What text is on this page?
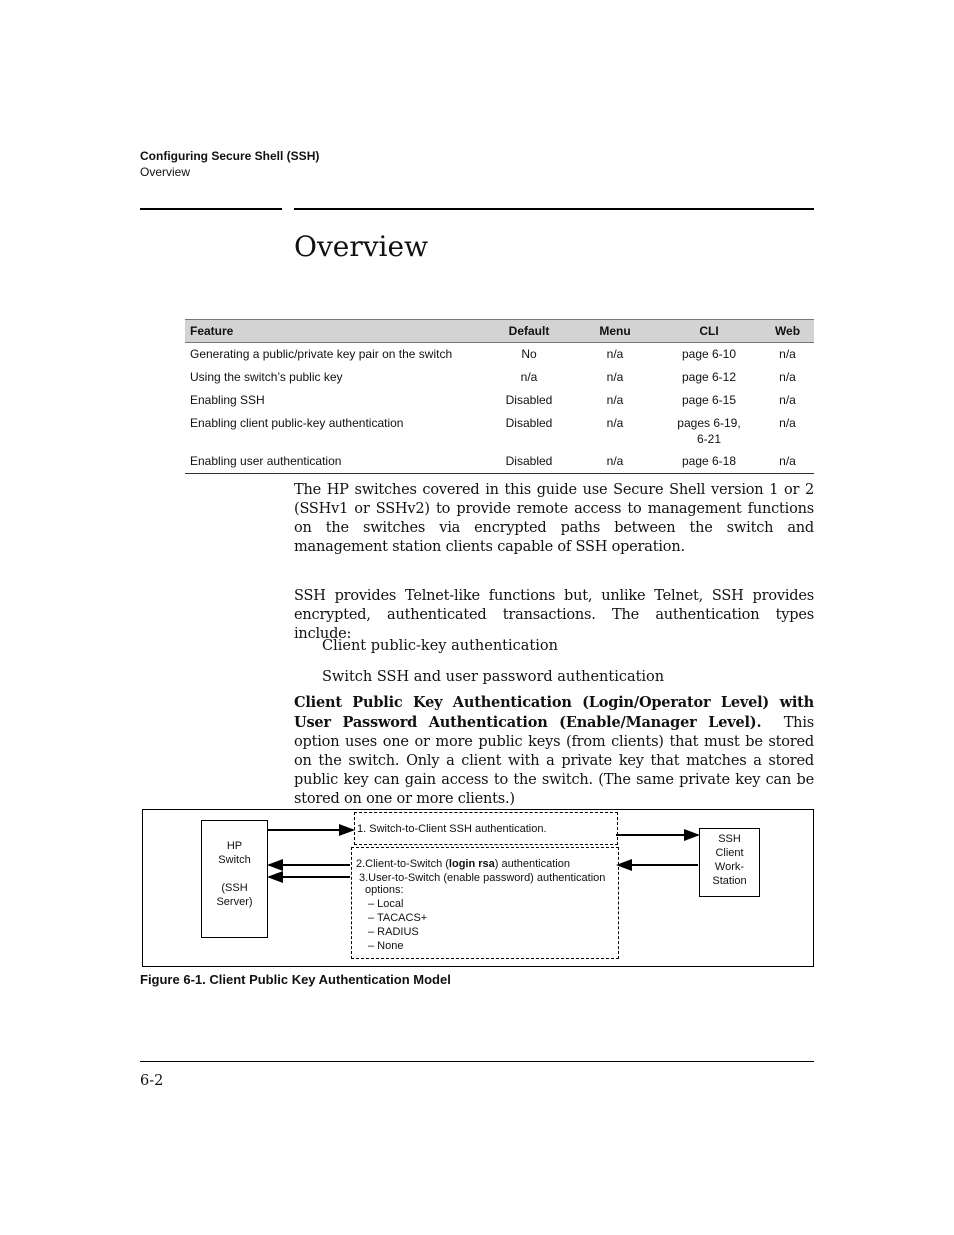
Configuring Secure Shell (SSH)
Overview
Overview
Feature	Default	Menu	CLI	Web
Generating a public/private key pair on the switch	No	n/a	page 6-10	n/a
Using the switch’s public key	n/a	n/a	page 6-12	n/a
Enabling SSH	Disabled	n/a	page 6-15	n/a
Enabling client public-key authentication	Disabled	n/a	pages 6-19, 6-21	n/a
Enabling user authentication	Disabled	n/a	page 6-18	n/a
The HP switches covered in this guide use Secure Shell version 1 or 2 (SSHv1 or SSHv2) to provide remote access to management functions on the switches via encrypted paths between the switch and management station clients capable of SSH operation.
SSH provides Telnet-like functions but, unlike Telnet, SSH provides encrypted, authenticated transactions. The authentication types include:
Client public-key authentication
Switch SSH and user password authentication
Client Public Key Authentication (Login/Operator Level) with User Password Authentication (Enable/Manager Level). This option uses one or more public keys (from clients) that must be stored on the switch. Only a client with a private key that matches a stored public key can gain access to the switch. (The same private key can be stored on one or more clients.)
HP
Switch
(SSH
Server)
SSH
Client
Work-
Station
1. Switch-to-Client SSH authentication.
2.Client-to-Switch (login rsa) authentication
3.User-to-Switch (enable password) authentication
options:
– Local
– TACACS+
– RADIUS
– None
Figure 6-1. Client Public Key Authentication Model
6-2
